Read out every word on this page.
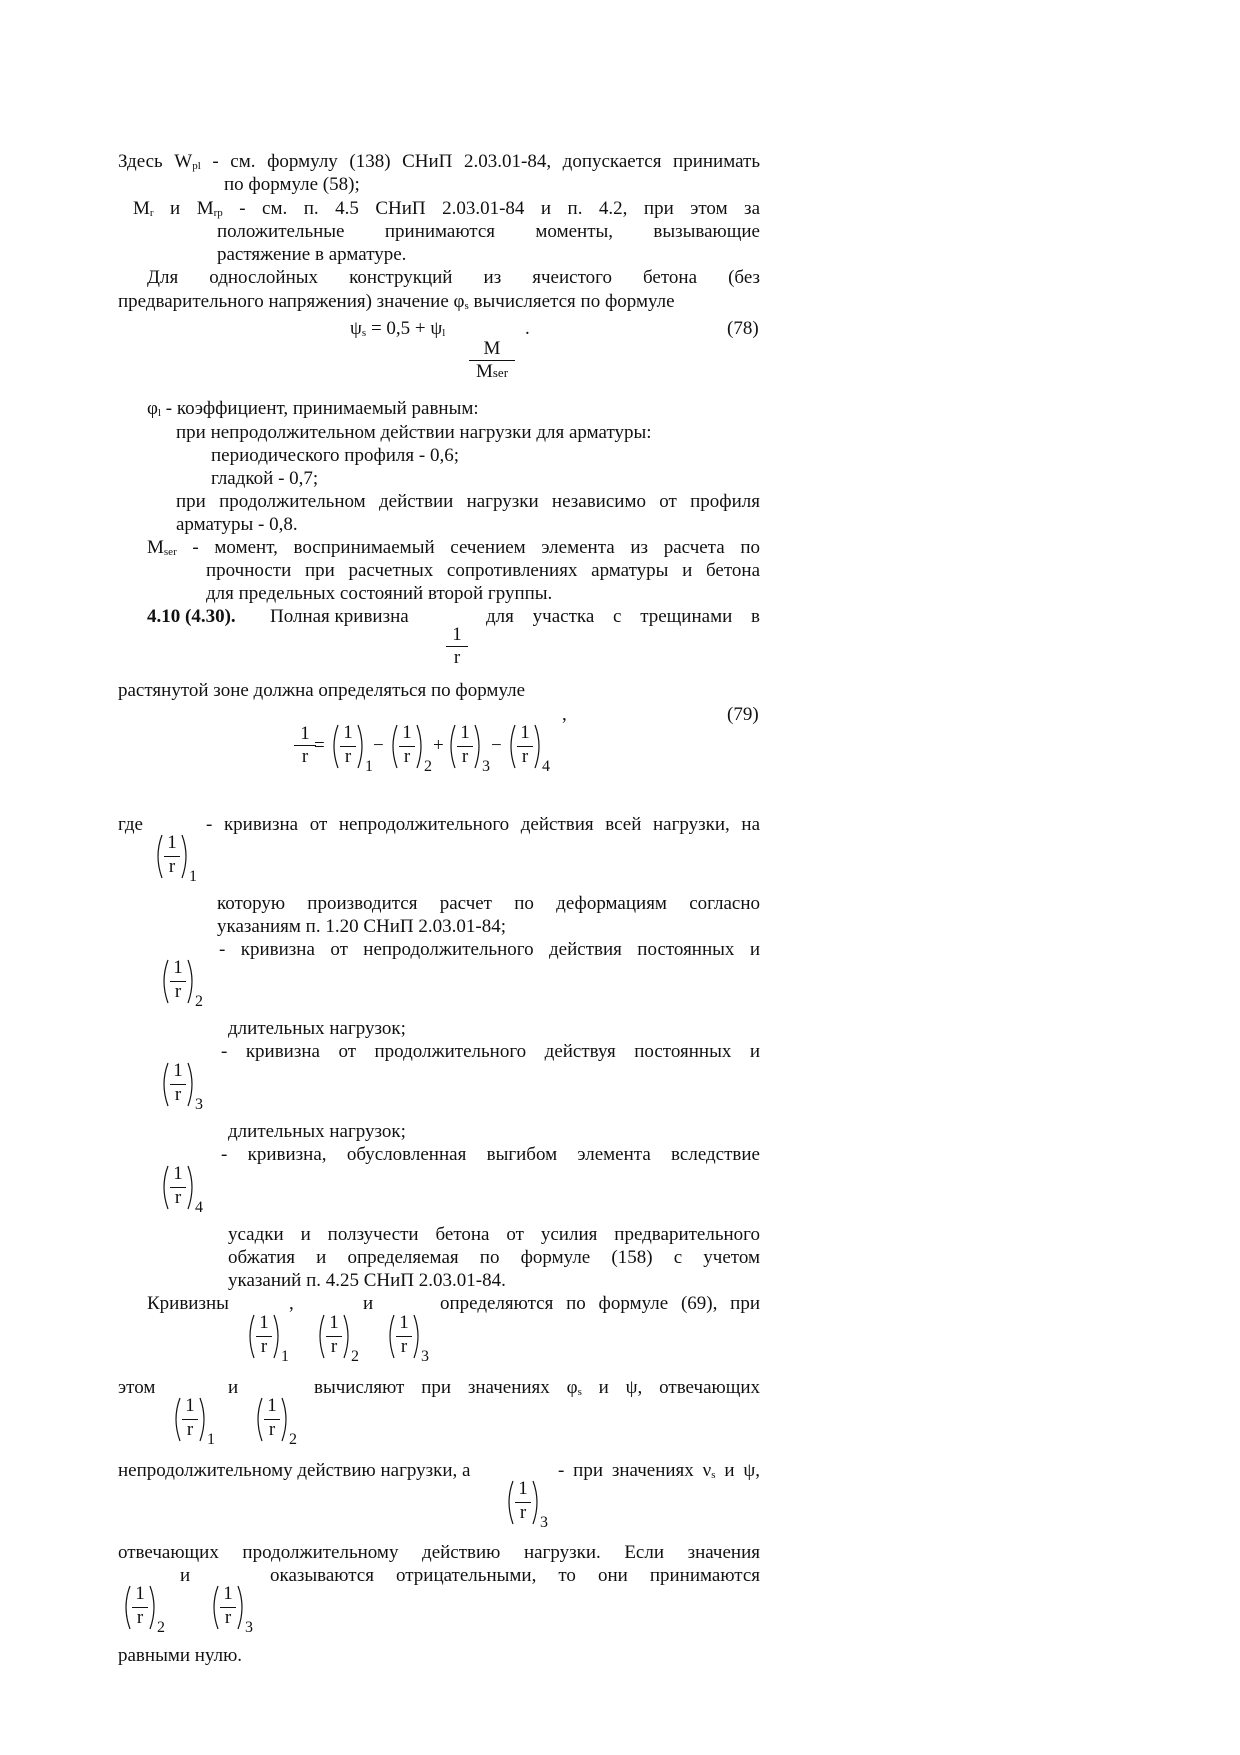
Здесь Wpl - см. формулу (138) СНиП 2.03.01-84, допускается принимать
по формуле (58);
Mr и Mrp - см. п. 4.5 СНиП 2.03.01-84 и п. 4.2, при этом за
положительные принимаются моменты, вызывающие
растяжение в арматуре.
Для однослойных конструкций из ячеистого бетона (без
предварительного напряжения) значение φs вычисляется по формуле
ψs = 0,5 + ψl	.	(78)
M
Mser
φl - коэффициент, принимаемый равным:
при непродолжительном действии нагрузки для арматуры:
периодического профиля - 0,6;
гладкой - 0,7;
при продолжительном действии нагрузки независимо от профиля
арматуры - 0,8.
Mser - момент, воспринимаемый сечением элемента из расчета по
прочности при расчетных сопротивлениях арматуры и бетона
для предельных состояний второй группы.
4.10 (4.30). Полная кривизна	для участка с трещинами в
$\frac{1}{r}$
растянутой зоне должна определяться по формуле
,	(79)
$\frac{1}{r}$
=
1
r 1
−
1
r 2
+
1
r 3
−
1
r 4
где	- кривизна от непродолжительного действия всей нагрузки, на
1
r 1
которую производится расчет по деформациям согласно
указаниям п. 1.20 СНиП 2.03.01-84;
- кривизна от непродолжительного действия постоянных и
1
r 2
длительных нагрузок;
- кривизна от продолжительного действуя постоянных и
1
r 3
длительных нагрузок;
- кривизна, обусловленная выгибом элемента вследствие
1
r 4
усадки и ползучести бетона от усилия предварительного
обжатия и определяемая по формуле (158) с учетом
указаний п. 4.25 СНиП 2.03.01-84.
Кривизны	,	и	определяются по формуле (69), при
1
r 1
1
r 2
1
r 3
этом	и	вычисляют при значениях φs и ψ, отвечающих
1
r 1
1
r 2
непродолжительному действию нагрузки, а	- при значениях νs и ψ,
1
r 3
отвечающих продолжительному действию нагрузки. Если значения
и	оказываются отрицательными, то они принимаются
1
r 2
1
r 3
равными нулю.
